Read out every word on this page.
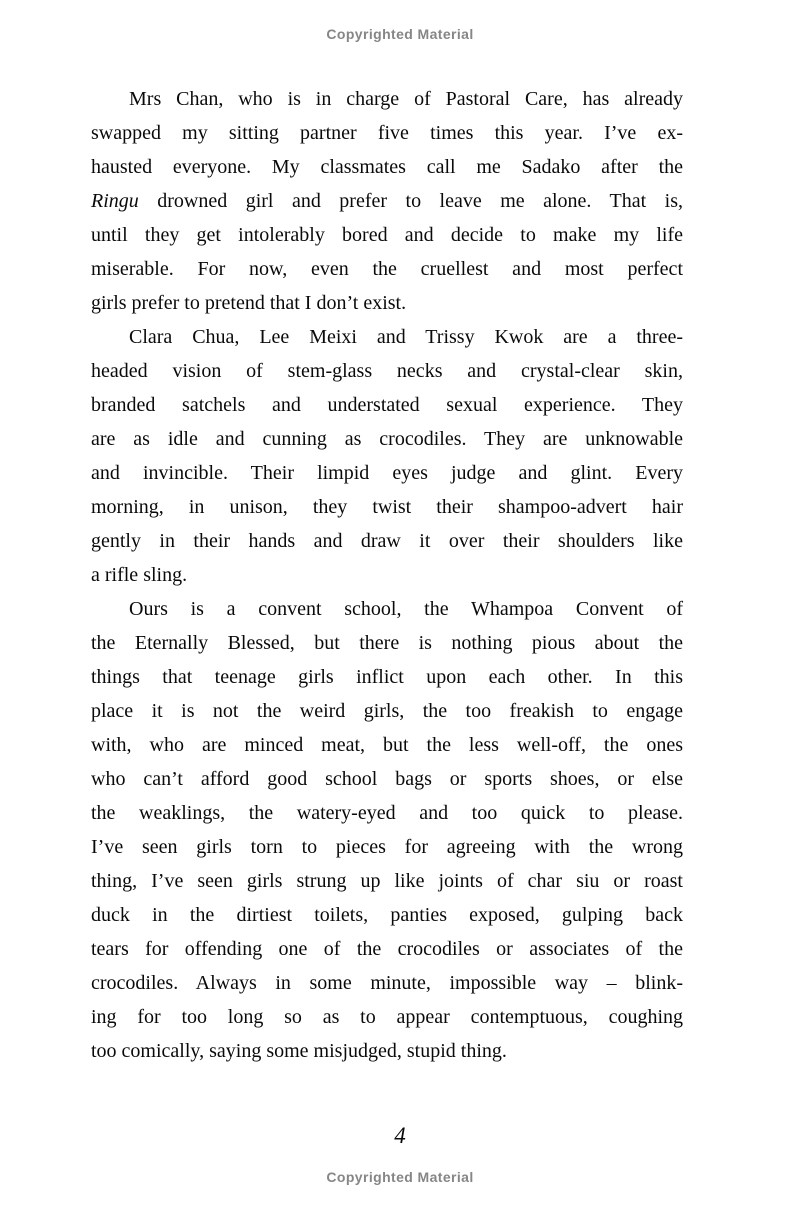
Copyrighted Material
Mrs Chan, who is in charge of Pastoral Care, has already
swapped my sitting partner five times this year. I’ve ex-
hausted everyone. My classmates call me Sadako after the
Ringu drowned girl and prefer to leave me alone. That is,
until they get intolerably bored and decide to make my life
miserable. For now, even the cruellest and most perfect
girls prefer to pretend that I don’t exist.
Clara Chua, Lee Meixi and Trissy Kwok are a three-
headed vision of stem-glass necks and crystal-clear skin,
branded satchels and understated sexual experience. They
are as idle and cunning as crocodiles. They are unknowable
and invincible. Their limpid eyes judge and glint. Every
morning, in unison, they twist their shampoo-advert hair
gently in their hands and draw it over their shoulders like
a rifle sling.
Ours is a convent school, the Whampoa Convent of
the Eternally Blessed, but there is nothing pious about the
things that teenage girls inflict upon each other. In this
place it is not the weird girls, the too freakish to engage
with, who are minced meat, but the less well-off, the ones
who can’t afford good school bags or sports shoes, or else
the weaklings, the watery-eyed and too quick to please.
I’ve seen girls torn to pieces for agreeing with the wrong
thing, I’ve seen girls strung up like joints of char siu or roast
duck in the dirtiest toilets, panties exposed, gulping back
tears for offending one of the crocodiles or associates of the
crocodiles. Always in some minute, impossible way – blink-
ing for too long so as to appear contemptuous, coughing
too comically, saying some misjudged, stupid thing.
4
Copyrighted Material
